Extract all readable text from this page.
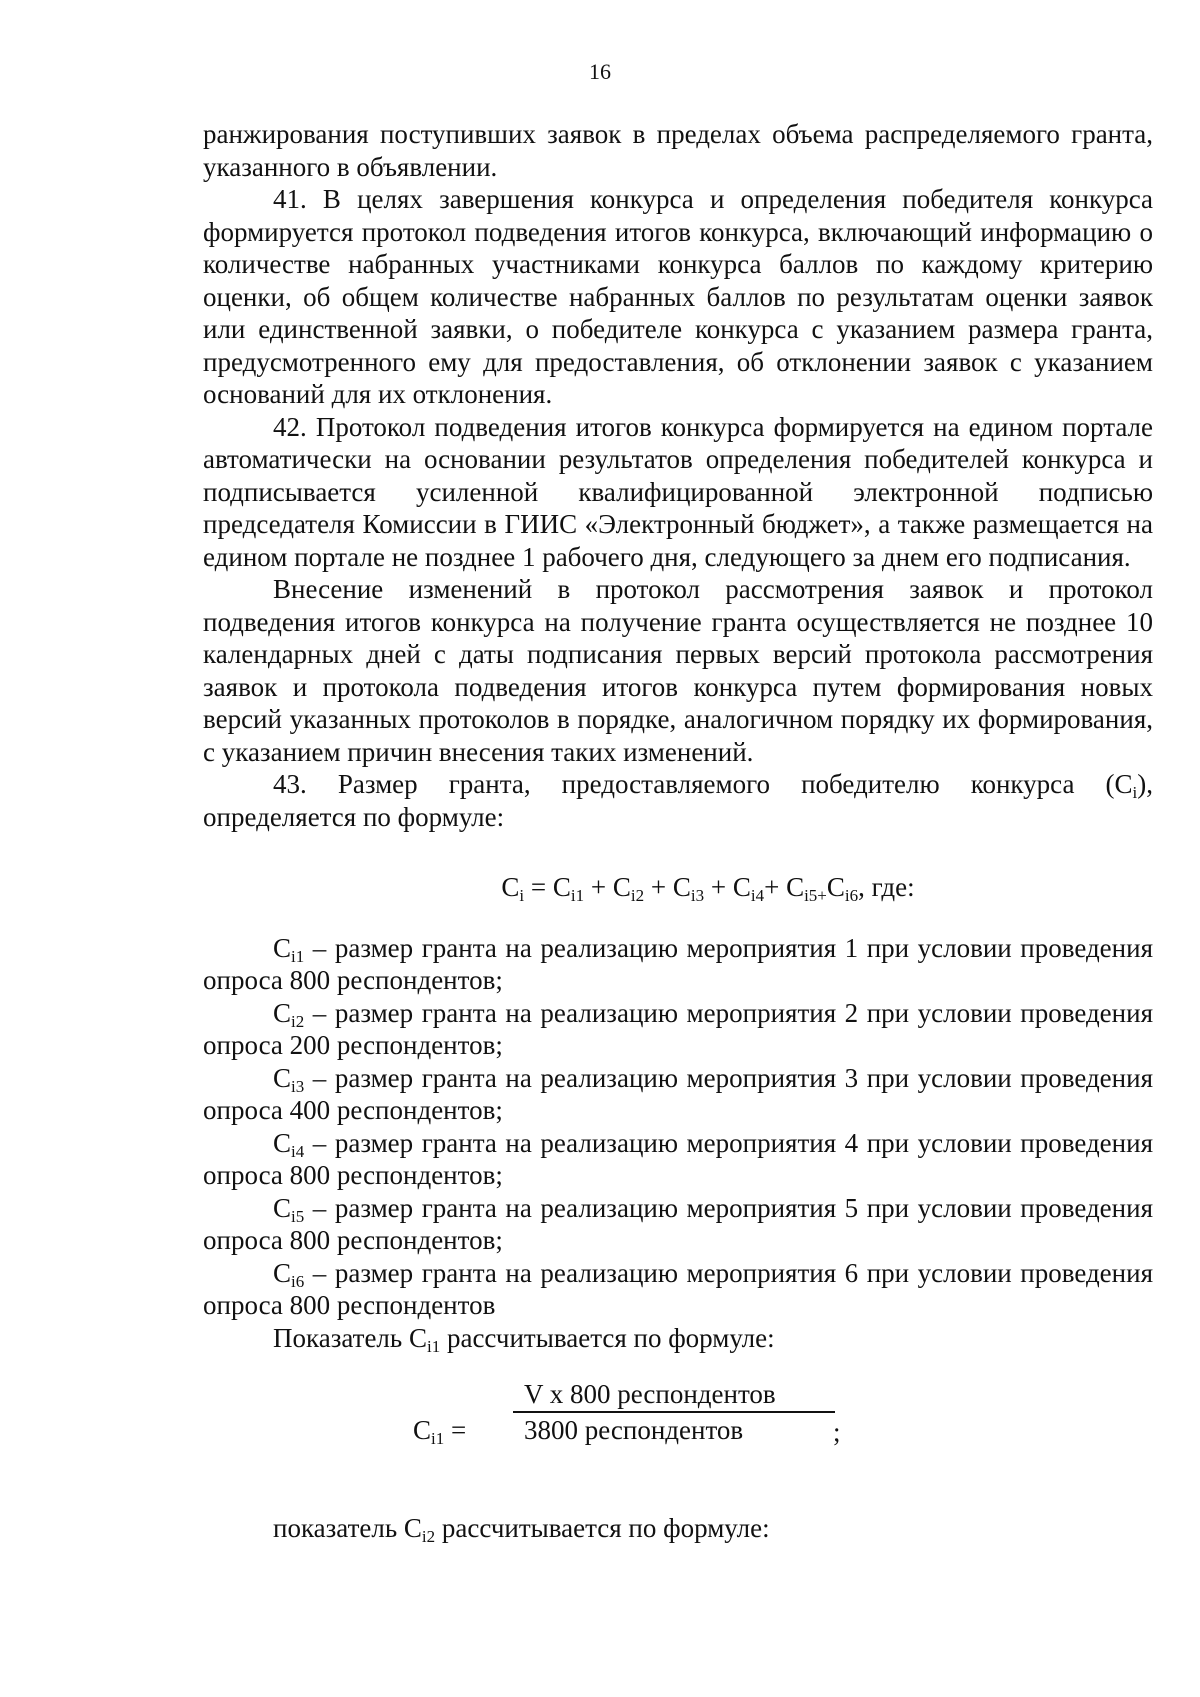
16

ранжирования поступивших заявок в пределах объема распределяемого гранта, указанного в объявлении.

41. В целях завершения конкурса и определения победителя конкурса формируется протокол подведения итогов конкурса, включающий информацию о количестве набранных участниками конкурса баллов по каждому критерию оценки, об общем количестве набранных баллов по результатам оценки заявок или единственной заявки, о победителе конкурса с указанием размера гранта, предусмотренного ему для предоставления, об отклонении заявок с указанием оснований для их отклонения.

42. Протокол подведения итогов конкурса формируется на едином портале автоматически на основании результатов определения победителей конкурса и подписывается усиленной квалифицированной электронной подписью председателя Комиссии в ГИИС «Электронный бюджет», а также размещается на едином портале не позднее 1 рабочего дня, следующего за днем его подписания.

Внесение изменений в протокол рассмотрения заявок и протокол подведения итогов конкурса на получение гранта осуществляется не позднее 10 календарных дней с даты подписания первых версий протокола рассмотрения заявок и протокола подведения итогов конкурса путем формирования новых версий указанных протоколов в порядке, аналогичном порядку их формирования, с указанием причин внесения таких изменений.

43. Размер гранта, предоставляемого победителю конкурса $(C_i)$, определяется по формуле:

$C_i = C_{i1} + C_{i2} + C_{i3} + C_{i4}+ C_{i5+}C_{i6}$, где:

$C_{i1}$ – размер гранта на реализацию мероприятия 1 при условии проведения опроса 800 респондентов;

$C_{i2}$ – размер гранта на реализацию мероприятия 2 при условии проведения опроса 200 респондентов;

$C_{i3}$ – размер гранта на реализацию мероприятия 3 при условии проведения опроса 400 респондентов;

$C_{i4}$ – размер гранта на реализацию мероприятия 4 при условии проведения опроса 800 респондентов;

$C_{i5}$ – размер гранта на реализацию мероприятия 5 при условии проведения опроса 800 респондентов;

$C_{i6}$ – размер гранта на реализацию мероприятия 6 при условии проведения опроса 800 респондентов

Показатель $C_{i1}$ рассчитывается по формуле:

$C_{i1}$ =
V х 800 респондентов
3800 респондентов	;

показатель $C_{i2}$ рассчитывается по формуле:
